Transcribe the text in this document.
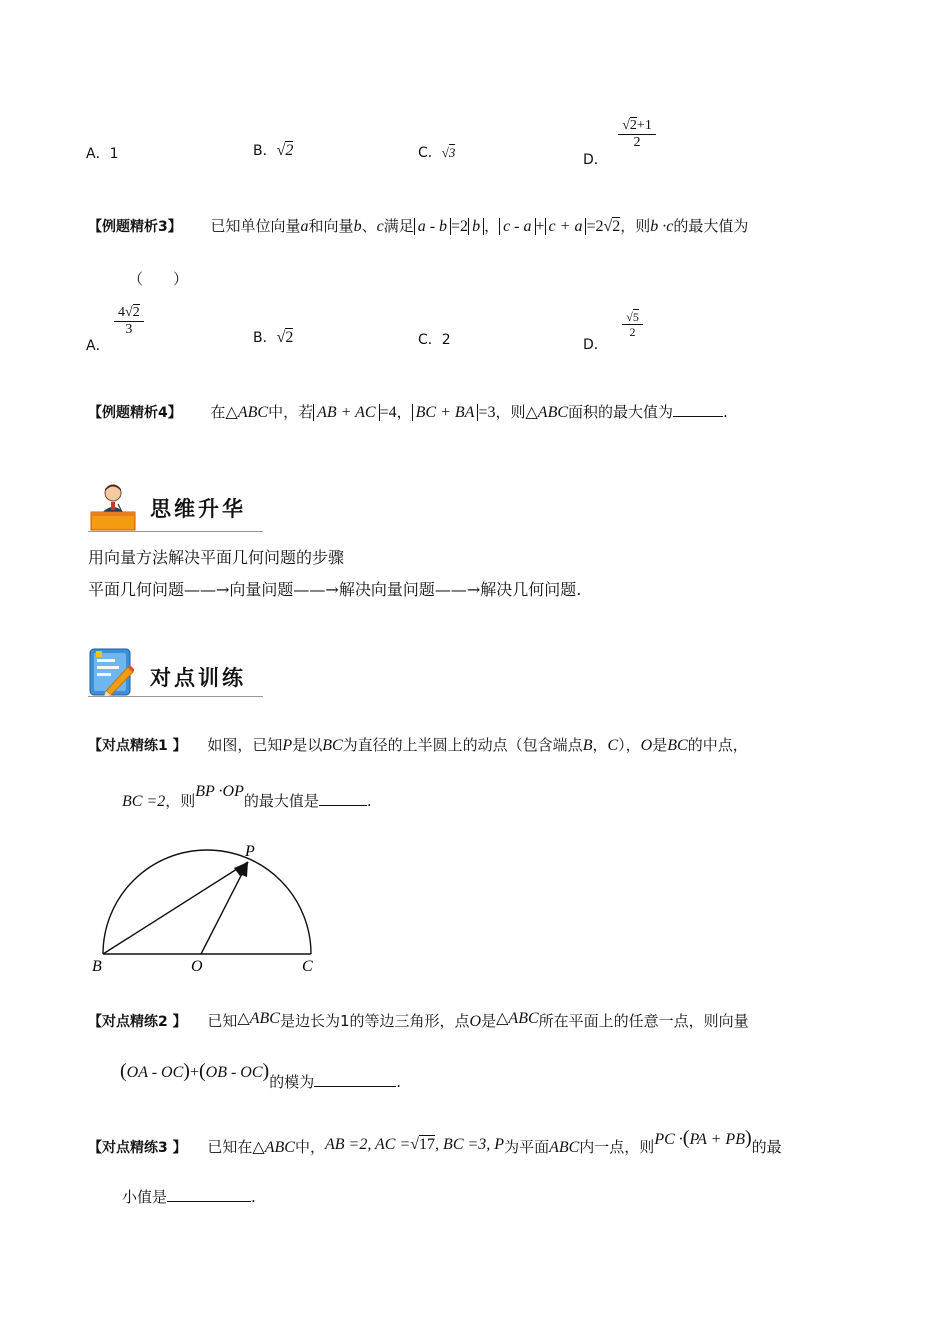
A．1	B．√2	C．√3	D．
$\frac{√2+1}{2}$
【例题精析3】 已知单位向量a和向量b、c满足 a - b =2 b ， c - a + c + a =2√2，则b ·c的最大值为
（　　）
A．
$\frac{4√2}{3}$	B．√2	C．2	D．
$\frac{√5}{2}$
【例题精析4】 在△ABC中，若 AB + AC =4， BC + BA =3，则△ABC面积的最大值为	.
思维升华
用向量方法解决平面几何问题的步骤
平面几何问题——→向量问题——→解决向量问题——→解决几何问题.
对点训练
【对点精练1 】 如图，已知P是以BC为直径的上半圆上的动点（包含端点B，C），O是BC的中点，
BC =2，则BP ·OP的最大值是	.
P
B	O	C
【对点精练2 】 已知△ABC是边长为1的等边三角形，点O是△ABC所在平面上的任意一点，则向量
(OA - OC)+(OB - OC)的模为	.
【对点精练3 】 已知在△ABC中，AB =2, AC =√17, BC =3, P为平面ABC内一点，则PC ·(PA + PB)的最
小值是	.
